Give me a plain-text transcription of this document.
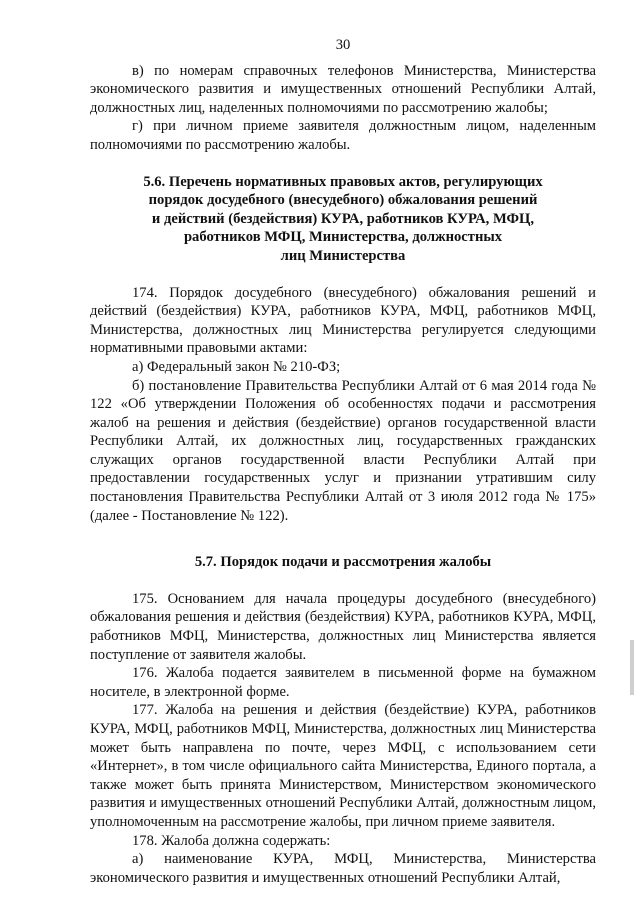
30

в) по номерам справочных телефонов Министерства, Министерства экономического развития и имущественных отношений Республики Алтай, должностных лиц, наделенных полномочиями по рассмотрению жалобы;

г) при личном приеме заявителя должностным лицом, наделенным полномочиями по рассмотрению жалобы.

5.6. Перечень нормативных правовых актов, регулирующих
порядок досудебного (внесудебного) обжалования решений
и действий (бездействия) КУРА, работников КУРА, МФЦ,
работников МФЦ, Министерства, должностных
лиц Министерства

174. Порядок досудебного (внесудебного) обжалования решений и действий (бездействия) КУРА, работников КУРА, МФЦ, работников МФЦ, Министерства, должностных лиц Министерства регулируется следующими нормативными правовыми актами:

а) Федеральный закон № 210-ФЗ;

б) постановление Правительства Республики Алтай от 6 мая 2014 года № 122 «Об утверждении Положения об особенностях подачи и рассмотрения жалоб на решения и действия (бездействие) органов государственной власти Республики Алтай, их должностных лиц, государственных гражданских служащих органов государственной власти Республики Алтай при предоставлении государственных услуг и признании утратившим силу постановления Правительства Республики Алтай от 3 июля 2012 года № 175» (далее - Постановление № 122).

5.7. Порядок подачи и рассмотрения жалобы

175. Основанием для начала процедуры досудебного (внесудебного) обжалования решения и действия (бездействия) КУРА, работников КУРА, МФЦ, работников МФЦ, Министерства, должностных лиц Министерства является поступление от заявителя жалобы.

176. Жалоба подается заявителем в письменной форме на бумажном носителе, в электронной форме.

177. Жалоба на решения и действия (бездействие) КУРА, работников КУРА, МФЦ, работников МФЦ, Министерства, должностных лиц Министерства может быть направлена по почте, через МФЦ, с использованием сети «Интернет», в том числе официального сайта Министерства, Единого портала, а также может быть принята Министерством, Министерством экономического развития и имущественных отношений Республики Алтай, должностным лицом, уполномоченным на рассмотрение жалобы, при личном приеме заявителя.

178. Жалоба должна содержать:

а) наименование КУРА, МФЦ, Министерства, Министерства экономического развития и имущественных отношений Республики Алтай,
